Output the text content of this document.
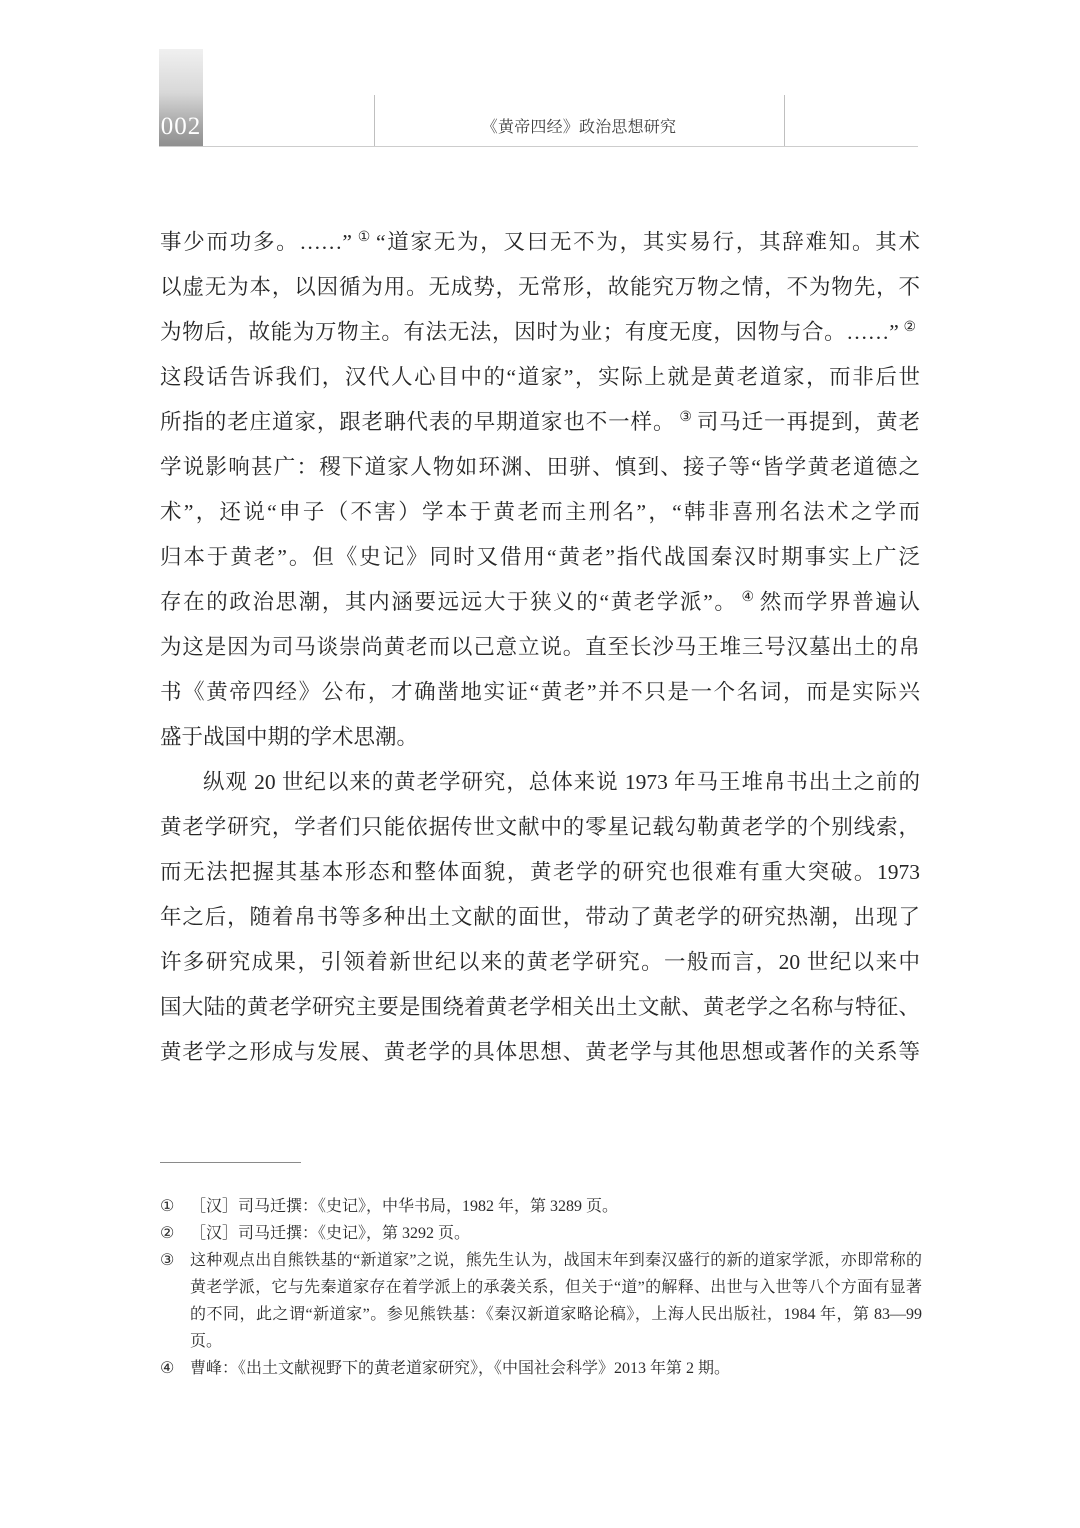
002	《黄帝四经》政治思想研究
事少而功多。……” ① “道家无为，又曰无不为，其实易行，其辞难知。其术
以虚无为本，以因循为用。无成势，无常形，故能究万物之情，不为物先，不
为物后，故能为万物主。有法无法，因时为业；有度无度，因物与合。……” ②
这段话告诉我们，汉代人心目中的“道家”，实际上就是黄老道家，而非后世
所指的老庄道家，跟老聃代表的早期道家也不一样。 ③ 司马迁一再提到，黄老
学说影响甚广：稷下道家人物如环渊、田骈、慎到、接子等“皆学黄老道德之
术”，还说“申子（不害）学本于黄老而主刑名”，“韩非喜刑名法术之学而
归本于黄老”。但《史记》同时又借用“黄老”指代战国秦汉时期事实上广泛
存在的政治思潮，其内涵要远远大于狭义的“黄老学派”。 ④ 然而学界普遍认
为这是因为司马谈崇尚黄老而以己意立说。直至长沙马王堆三号汉墓出土的帛
书《黄帝四经》公布，才确凿地实证“黄老”并不只是一个名词，而是实际兴
盛于战国中期的学术思潮。
纵观 20 世纪以来的黄老学研究，总体来说 1973 年马王堆帛书出土之前的
黄老学研究，学者们只能依据传世文献中的零星记载勾勒黄老学的个别线索，
而无法把握其基本形态和整体面貌，黄老学的研究也很难有重大突破。1973
年之后，随着帛书等多种出土文献的面世，带动了黄老学的研究热潮，出现了
许多研究成果，引领着新世纪以来的黄老学研究。一般而言，20 世纪以来中
国大陆的黄老学研究主要是围绕着黄老学相关出土文献、黄老学之名称与特征、
黄老学之形成与发展、黄老学的具体思想、黄老学与其他思想或著作的关系等
① ［汉］司马迁撰：《史记》，中华书局，1982 年，第 3289 页。
② ［汉］司马迁撰：《史记》，第 3292 页。
③ 这种观点出自熊铁基的“新道家”之说，熊先生认为，战国末年到秦汉盛行的新的道家学派，亦即常称的黄老学派，它与先秦道家存在着学派上的承袭关系，但关于“道”的解释、出世与入世等八个方面有显著的不同，此之谓“新道家”。参见熊铁基：《秦汉新道家略论稿》，上海人民出版社，1984 年，第 83—99 页。
④ 曹峰：《出土文献视野下的黄老道家研究》，《中国社会科学》2013 年第 2 期。
